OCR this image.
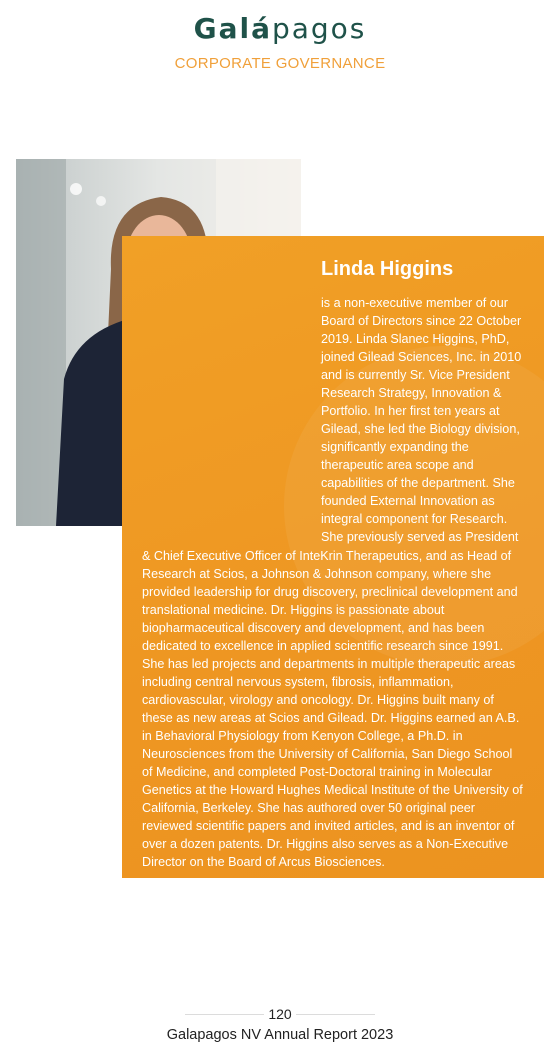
Galápagos
CORPORATE GOVERNANCE
Linda Higgins
is a non-executive member of our Board of Directors since 22 October 2019. Linda Slanec Higgins, PhD, joined Gilead Sciences, Inc. in 2010 and is currently Sr. Vice President Research Strategy, Innovation & Portfolio. In her first ten years at Gilead, she led the Biology division, significantly expanding the therapeutic area scope and capabilities of the department. She founded External Innovation as integral component for Research. She previously served as President
& Chief Executive Officer of InteKrin Therapeutics, and as Head of Research at Scios, a Johnson & Johnson company, where she provided leadership for drug discovery, preclinical development and translational medicine. Dr. Higgins is passionate about biopharmaceutical discovery and development, and has been dedicated to excellence in applied scientific research since 1991. She has led projects and departments in multiple therapeutic areas including central nervous system, fibrosis, inflammation, cardiovascular, virology and oncology. Dr. Higgins built many of these as new areas at Scios and Gilead. Dr. Higgins earned an A.B. in Behavioral Physiology from Kenyon College, a Ph.D. in Neurosciences from the University of California, San Diego School of Medicine, and completed Post-Doctoral training in Molecular Genetics at the Howard Hughes Medical Institute of the University of California, Berkeley. She has authored over 50 original peer reviewed scientific papers and invited articles, and is an inventor of over a dozen patents. Dr. Higgins also serves as a Non-Executive Director on the Board of Arcus Biosciences.
120
Galapagos NV Annual Report 2023
